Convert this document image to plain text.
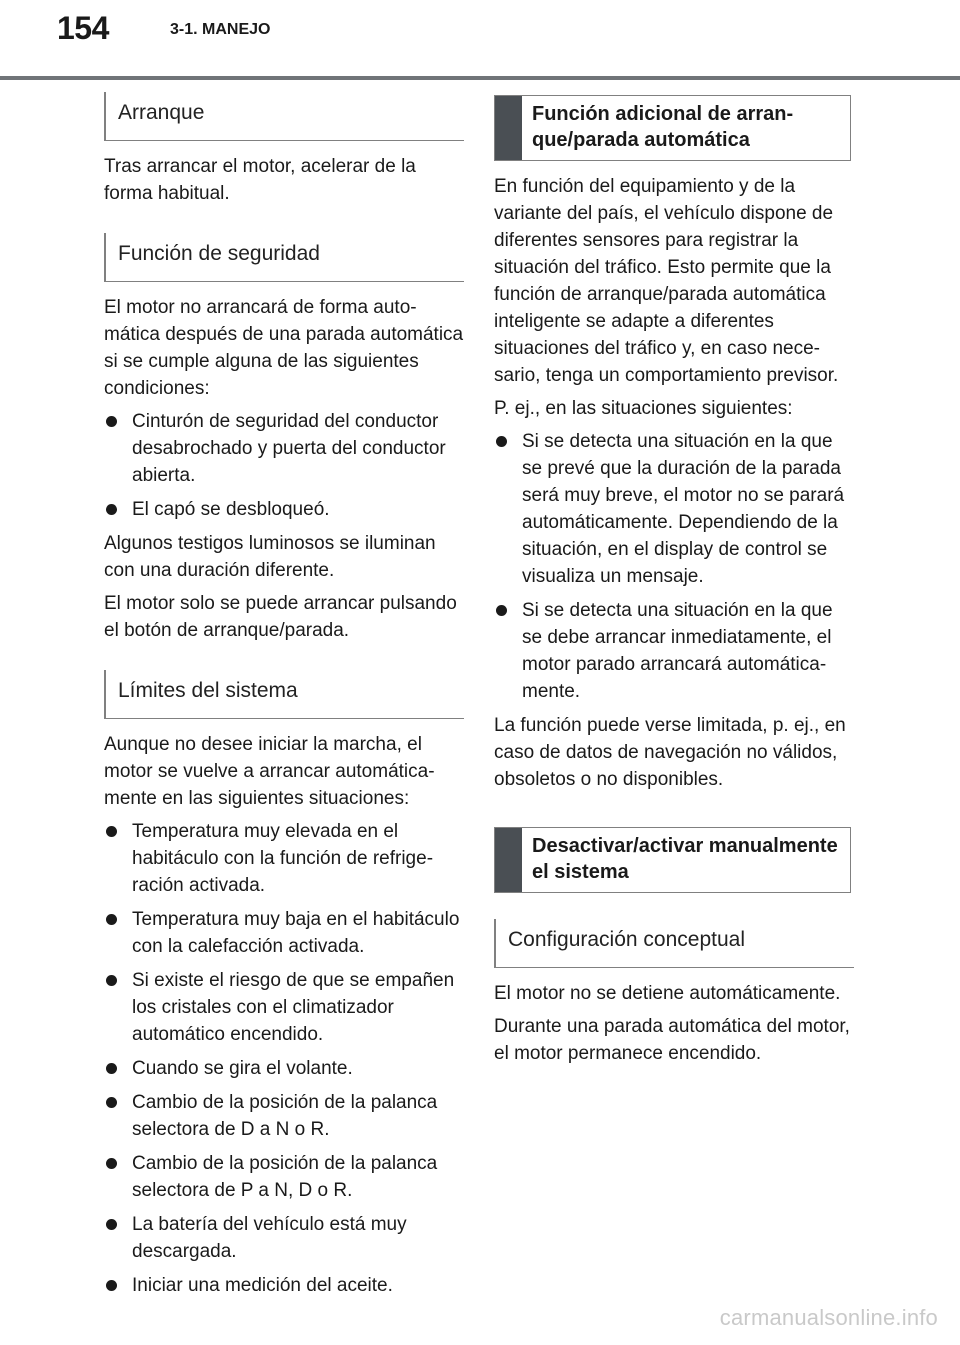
154	3-1. MANEJO
Arranque

Tras arrancar el motor, acelerar de la forma habitual.

Función de seguridad

El motor no arrancará de forma automática después de una parada automática si se cumple alguna de las siguientes condiciones:

Cinturón de seguridad del conductor desabrochado y puerta del conductor abierta.
El capó se desbloqueó.

Algunos testigos luminosos se iluminan con una duración diferente.

El motor solo se puede arrancar pulsando el botón de arranque/parada.

Límites del sistema

Aunque no desee iniciar la marcha, el motor se vuelve a arrancar automáticamente en las siguientes situaciones:

Temperatura muy elevada en el habitáculo con la función de refrigeración activada.
Temperatura muy baja en el habitáculo con la calefacción activada.
Si existe el riesgo de que se empañen los cristales con el climatizador automático encendido.
Cuando se gira el volante.
Cambio de la posición de la palanca selectora de D a N o R.
Cambio de la posición de la palanca selectora de P a N, D o R.
La batería del vehículo está muy descargada.
Iniciar una medición del aceite.
Función adicional de arranque/parada automática

En función del equipamiento y de la variante del país, el vehículo dispone de diferentes sensores para registrar la situación del tráfico. Esto permite que la función de arranque/parada automática inteligente se adapte a diferentes situaciones del tráfico y, en caso necesario, tenga un comportamiento previsor.

P. ej., en las situaciones siguientes:

Si se detecta una situación en la que se prevé que la duración de la parada será muy breve, el motor no se parará automáticamente. Dependiendo de la situación, en el display de control se visualiza un mensaje.
Si se detecta una situación en la que se debe arrancar inmediatamente, el motor parado arrancará automáticamente.

La función puede verse limitada, p. ej., en caso de datos de navegación no válidos, obsoletos o no disponibles.

Desactivar/activar manualmente el sistema
Configuración conceptual

El motor no se detiene automáticamente.

Durante una parada automática del motor, el motor permanece encendido.

carmanualsonline.info
